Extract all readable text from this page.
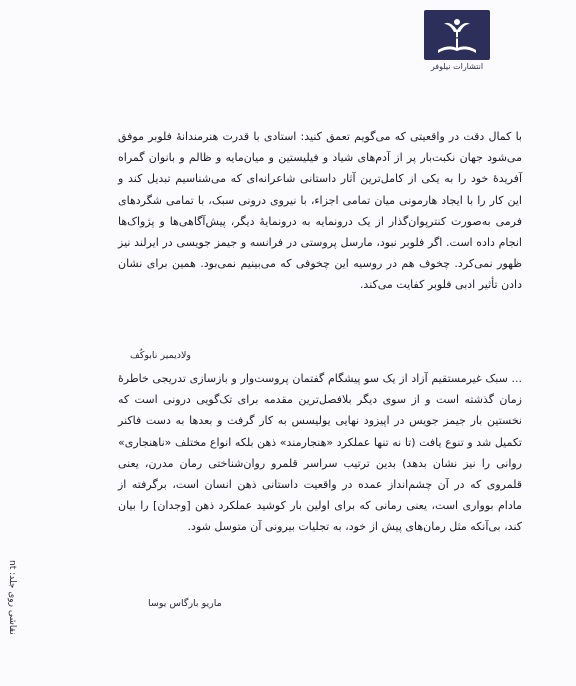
انتشارات نیلوفر
با کمال دقت در واقعیتی که می‌گویم تعمق کنید: استادی با قدرت هنرمندانهٔ فلوبر موفق می‌شود جهان نکبت‌بار پر از آدم‌های شیاد و فیلیستین و میان‌مایه و ظالم و بانوان گمراه آفریدهٔ خود را به یکی از کامل‌ترین آثار داستانی شاعرانه‌ای که می‌شناسیم تبدیل کند و این کار را با ایجاد هارمونی میان تمامی اجزاء، با نیروی درونی سبک، با تمامی شگردهای فرمی به‌صورت کنترپوان‌گذار از یک درونمایه به درونمایهٔ دیگر، پیش‌آگاهی‌ها و پژواک‌ها انجام داده است. اگر فلوبر نبود، مارسل پروستی در فرانسه و جیمز جویسی در ایرلند نیز ظهور نمی‌کرد. چخوف هم در روسیه این چخوفی که می‌بینیم نمی‌بود. همین برای نشان دادن تأثیر ادبی فلوبر کفایت می‌کند.
ولادیمیر نابوکُف
... سبک غیرمستقیم آزاد از یک سو پیشگام گفتمان پروست‌وار و بازسازی تدریجی خاطرهٔ زمان گذشته است و از سوی دیگر بلافصل‌ترین مقدمه برای تک‌گویی درونی است که نخستین بار جیمز جویس در اپیزود نهایی یولیسس به کار گرفت و بعدها به دست فاکنر تکمیل شد و تنوع یافت (تا نه تنها عملکرد «هنجارمند» ذهن بلکه انواع مختلف «ناهنجاری» روانی را نیز نشان بدهد) بدین ترتیب سراسر قلمرو روان‌شناختی رمان مدرن، یعنی قلمروی که در آن چشم‌انداز عمده در واقعیت داستانی ذهن انسان است، برگرفته از مادام بوواری است، یعنی رمانی که برای اولین بار کوشید عملکرد ذهن [وجدان] را بیان کند، بی‌آنکه مثل رمان‌های پیش از خود، به تجلیات بیرونی آن متوسل شود.
ماریو بارگاس یوسا
نقاشی روی جلد: nt
